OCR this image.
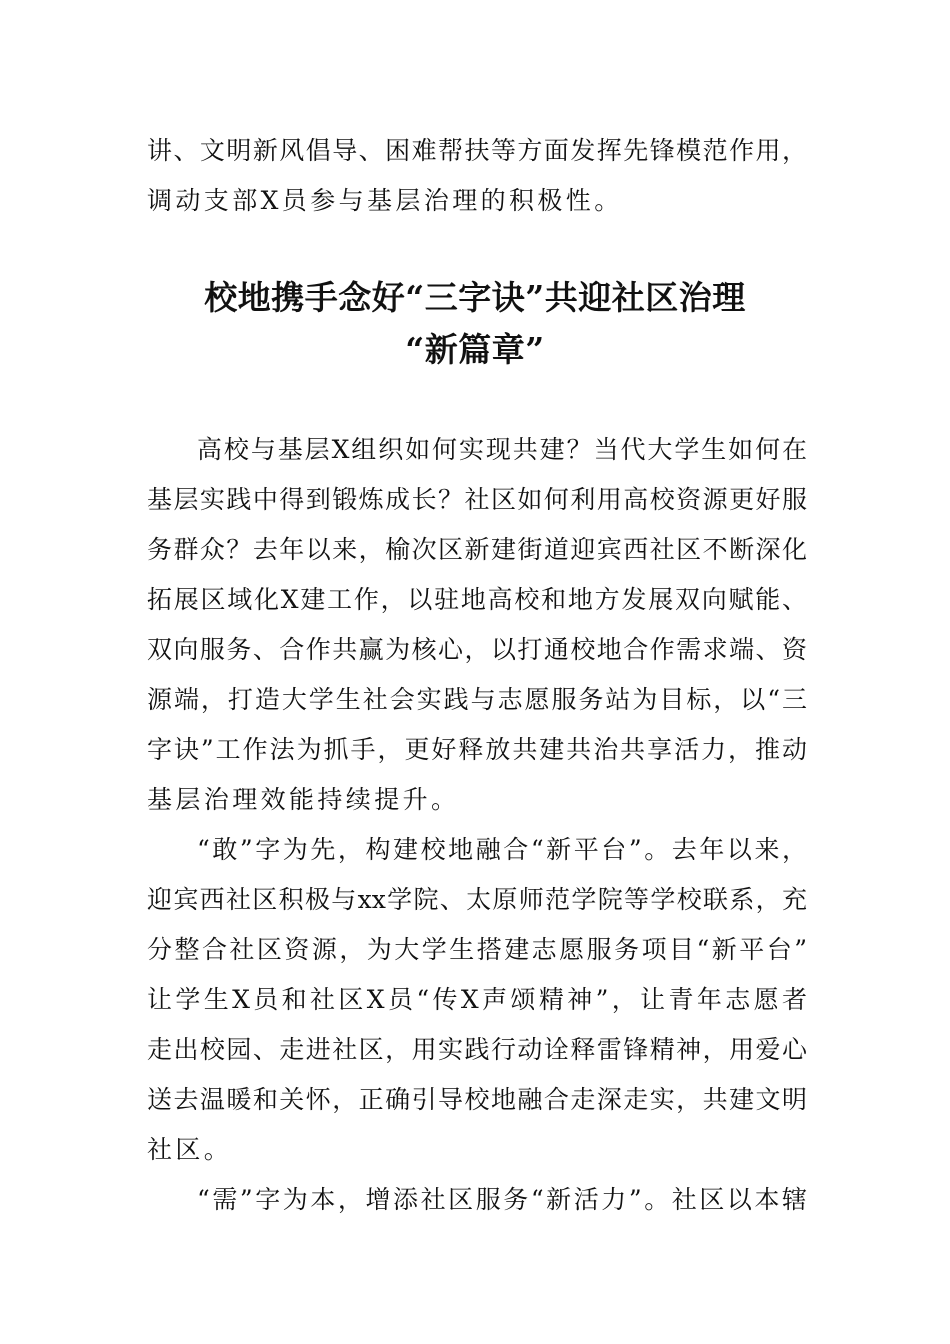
讲、文明新风倡导、困难帮扶等方面发挥先锋模范作用，
调动支部X员参与基层治理的积极性。
校地携手念好“三字诀”共迎社区治理
“新篇章”
高校与基层X组织如何实现共建？当代大学生如何在
基层实践中得到锻炼成长？社区如何利用高校资源更好服
务群众？去年以来，榆次区新建街道迎宾西社区不断深化
拓展区域化X建工作，以驻地高校和地方发展双向赋能、
双向服务、合作共赢为核心，以打通校地合作需求端、资
源端，打造大学生社会实践与志愿服务站为目标，以“三
字诀”工作法为抓手，更好释放共建共治共享活力，推动
基层治理效能持续提升。
“敢”字为先，构建校地融合“新平台”。去年以来，
迎宾西社区积极与xx学院、太原师范学院等学校联系，充
分整合社区资源，为大学生搭建志愿服务项目“新平台”
让学生X员和社区X员“传X声颂精神”，让青年志愿者
走出校园、走进社区，用实践行动诠释雷锋精神，用爱心
送去温暖和关怀，正确引导校地融合走深走实，共建文明
社区。
“需”字为本，增添社区服务“新活力”。社区以本辖
